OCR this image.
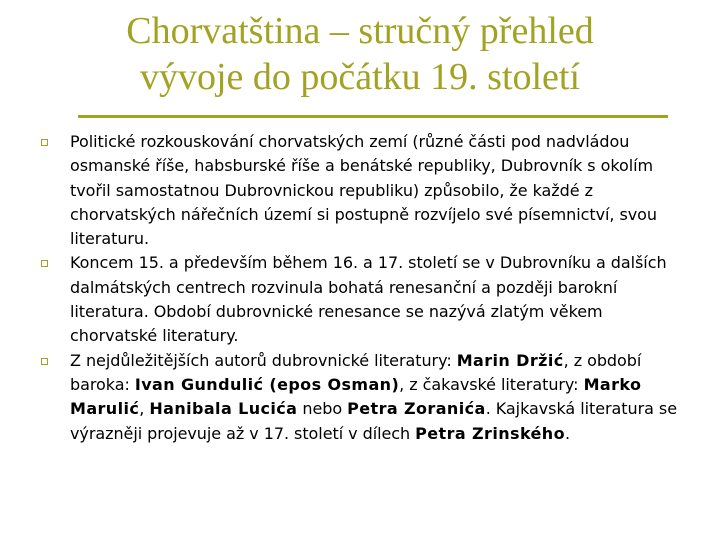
Chorvatština – stručný přehled
vývoje do počátku 19. století
Politické rozkouskování chorvatských zemí (různé části pod nadvládou osmanské říše, habsburské říše a benátské republiky, Dubrovník s okolím tvořil samostatnou Dubrovnickou republiku) způsobilo, že každé z chorvatských nářečních území si postupně rozvíjelo své písemnictví, svou literaturu.
Koncem 15. a především během 16. a 17. století se v Dubrovníku a dalších dalmátských centrech rozvinula bohatá renesanční a později barokní literatura. Období dubrovnické renesance se nazývá zlatým věkem chorvatské literatury.
Z nejdůležitějších autorů dubrovnické literatury: Marin Držić, z období baroka: Ivan Gundulić (epos Osman), z čakavské literatury: Marko Marulić, Hanibala Lucića nebo Petra Zoranića. Kajkavská literatura se výrazněji projevuje až v 17. století v dílech Petra Zrinského.
